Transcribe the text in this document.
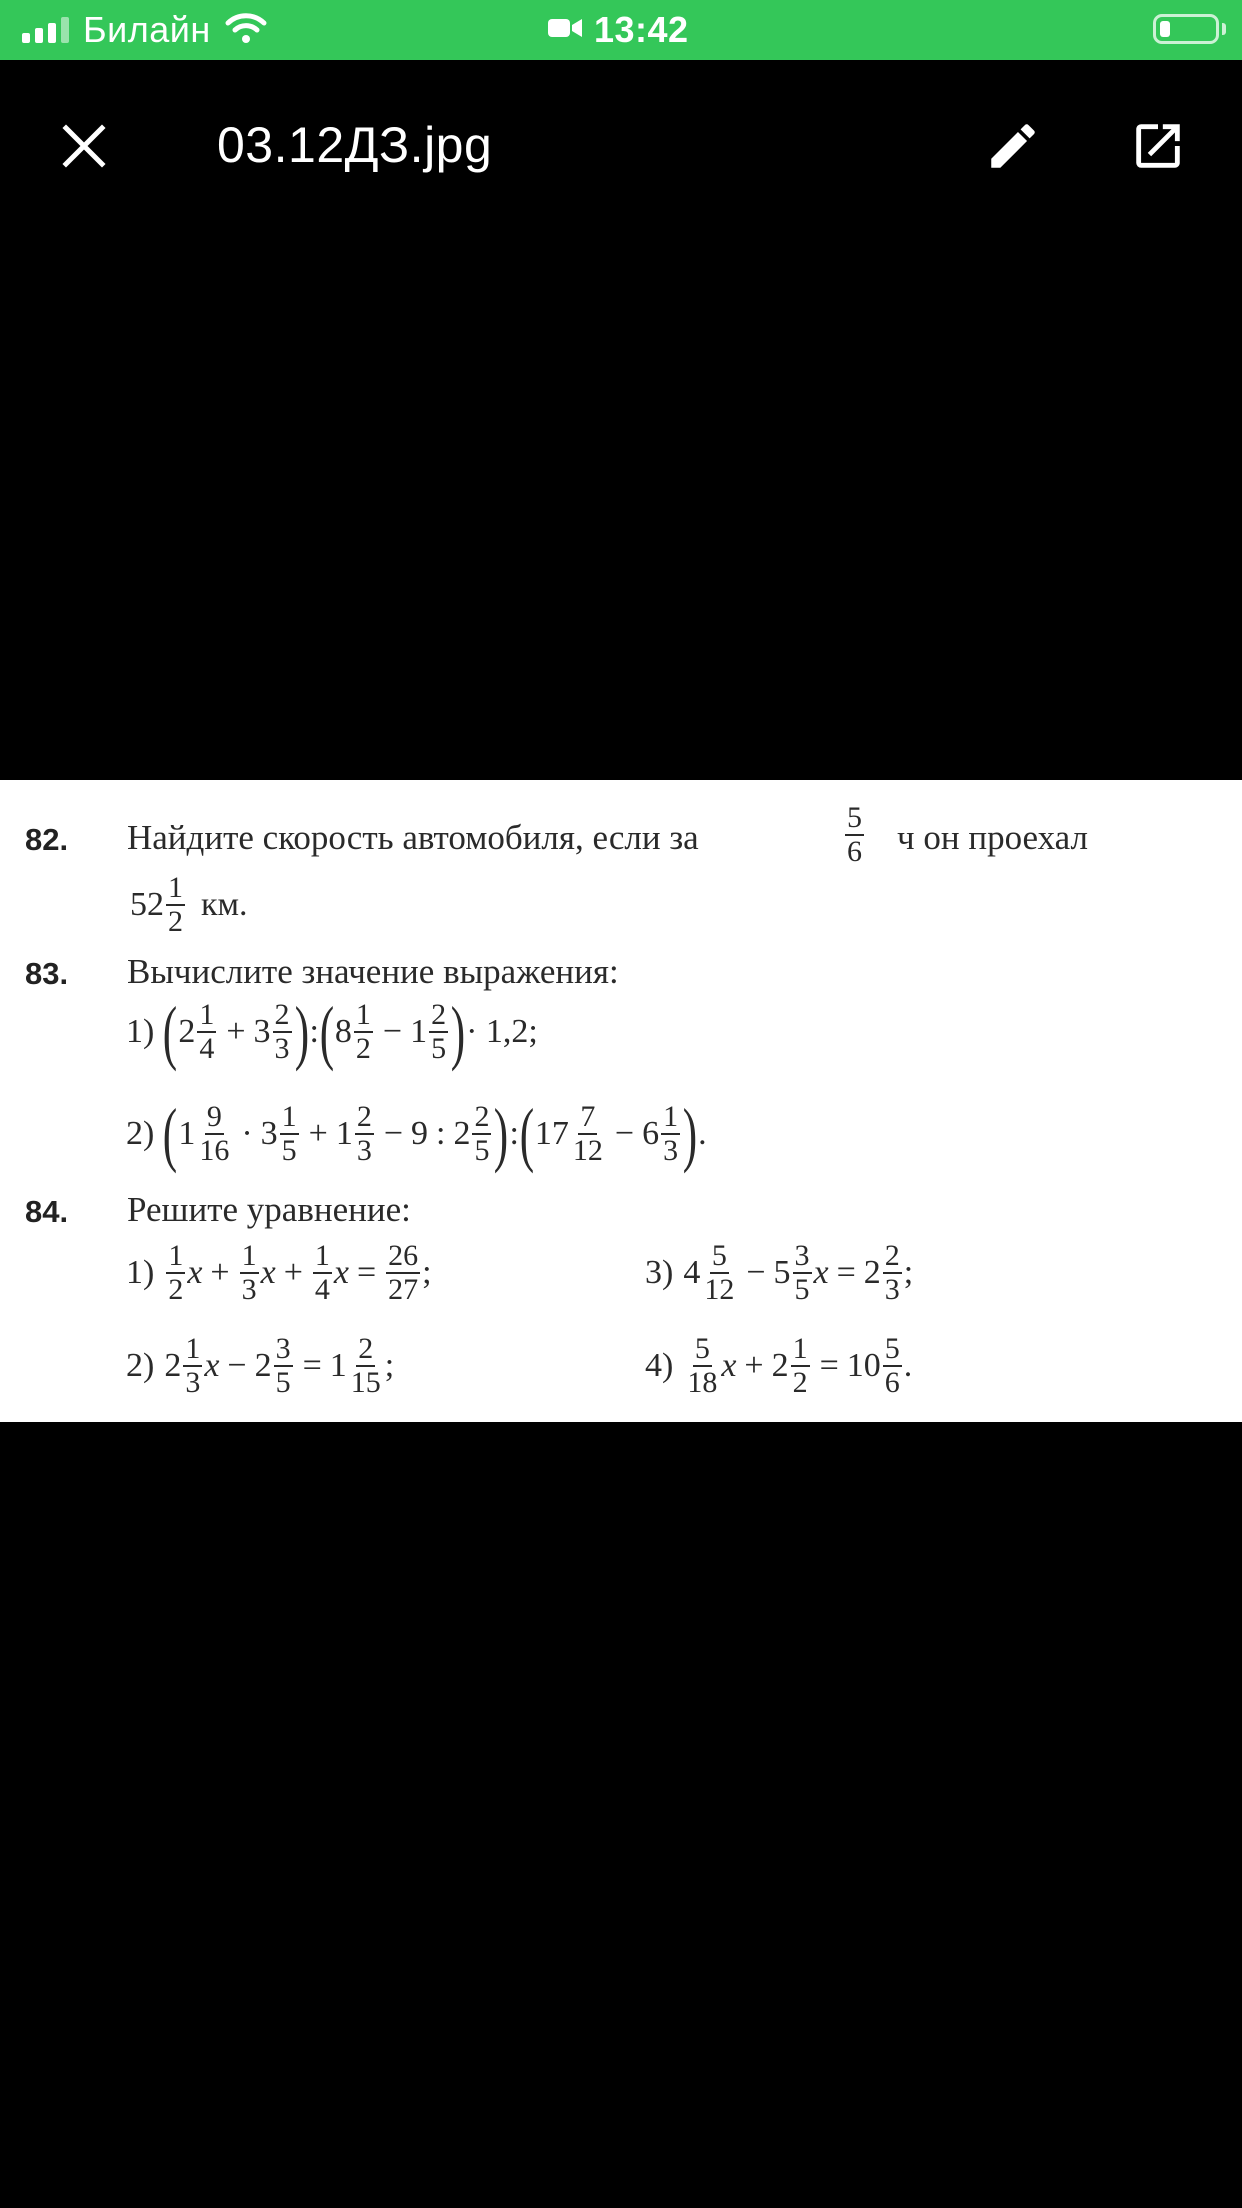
Билайн	13:42
03.12ДЗ.jpg
82. Найдите скорость автомобиля, если за	$\frac{5}{6}$ ч он проехал
$52 \frac{1}{2}$ км.
83. Вычислите значение выражения:
1) ( $2 \frac{1}{4} + 3 \frac{2}{3}$ ) : ( $8 \frac{1}{2} - 1 \frac{2}{5}$ ) · 1,2;
2) ( $1 \frac{9}{16} \cdot 3 \frac{1}{5} + 1 \frac{2}{3} - 9$ : $2 \frac{2}{5}$ ) : ( $17 \frac{7}{12} - 6 \frac{1}{3}$ ) .
84. Решите уравнение:
$1) \frac{1}{2}$ $x + \frac{1}{3}$ $x + \frac{1}{4}$ $x = \frac{26}{27}$ ;	3) $4 \frac{5}{12} - 5 \frac{3}{5}$ $x = 2 \frac{2}{3}$ ;
2) $2 \frac{1}{3}$ $x - 2 \frac{3}{5} = 1 \frac{2}{15}$ ;	$4) \frac{5}{18}$ $x + 2 \frac{1}{2} = 10 \frac{5}{6}$ .
